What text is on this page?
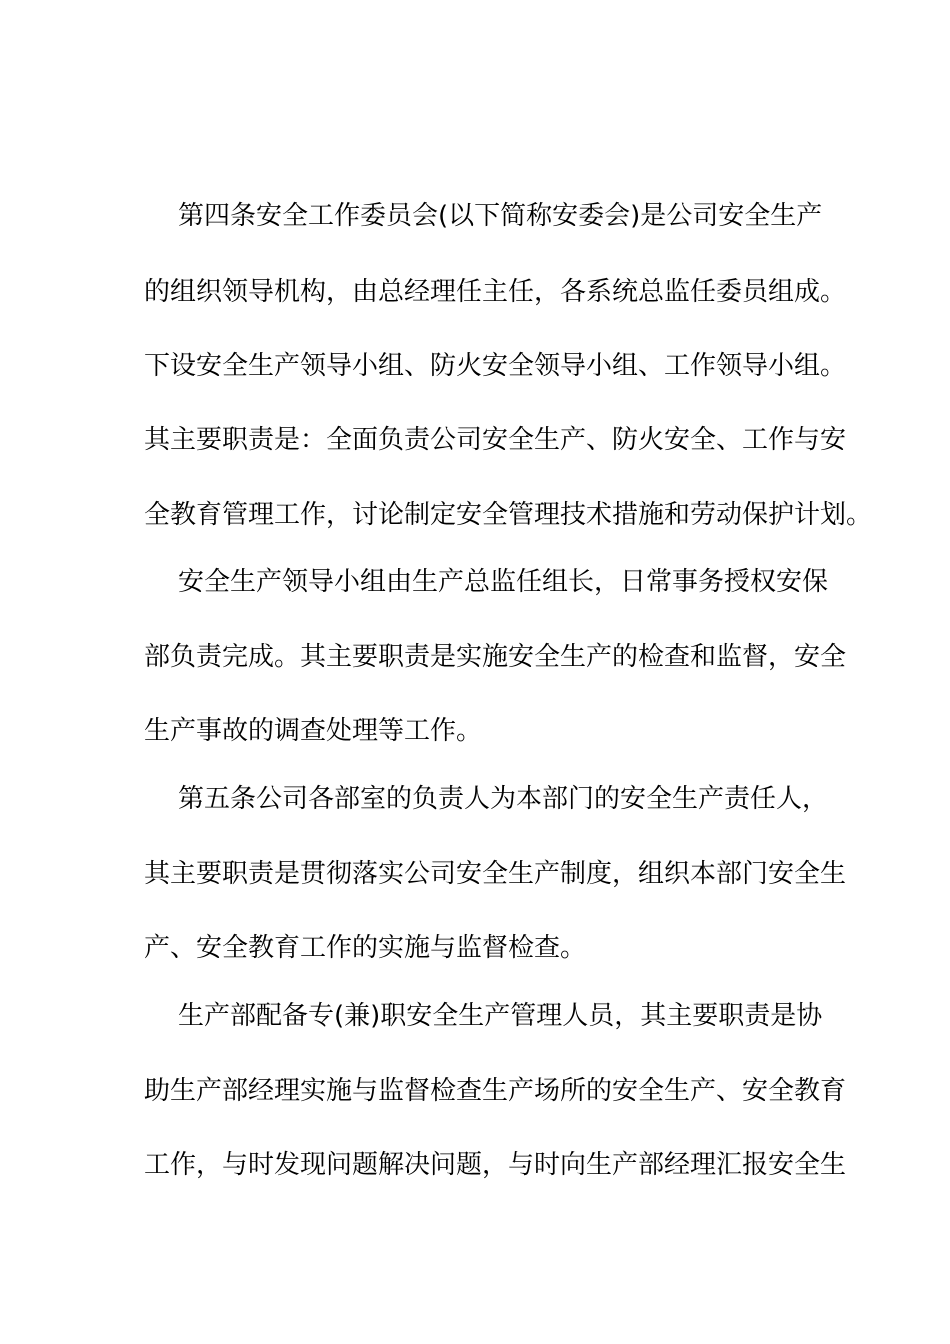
第四条安全工作委员会(以下简称安委会)是公司安全生产
的组织领导机构，由总经理任主任，各系统总监任委员组成。
下设安全生产领导小组、防火安全领导小组、工作领导小组。
其主要职责是：全面负责公司安全生产、防火安全、工作与安
全教育管理工作，讨论制定安全管理技术措施和劳动保护计划。
安全生产领导小组由生产总监任组长，日常事务授权安保
部负责完成。其主要职责是实施安全生产的检查和监督，安全
生产事故的调查处理等工作。
第五条公司各部室的负责人为本部门的安全生产责任人，
其主要职责是贯彻落实公司安全生产制度，组织本部门安全生
产、安全教育工作的实施与监督检查。
生产部配备专(兼)职安全生产管理人员，其主要职责是协
助生产部经理实施与监督检查生产场所的安全生产、安全教育
工作，与时发现问题解决问题，与时向生产部经理汇报安全生
